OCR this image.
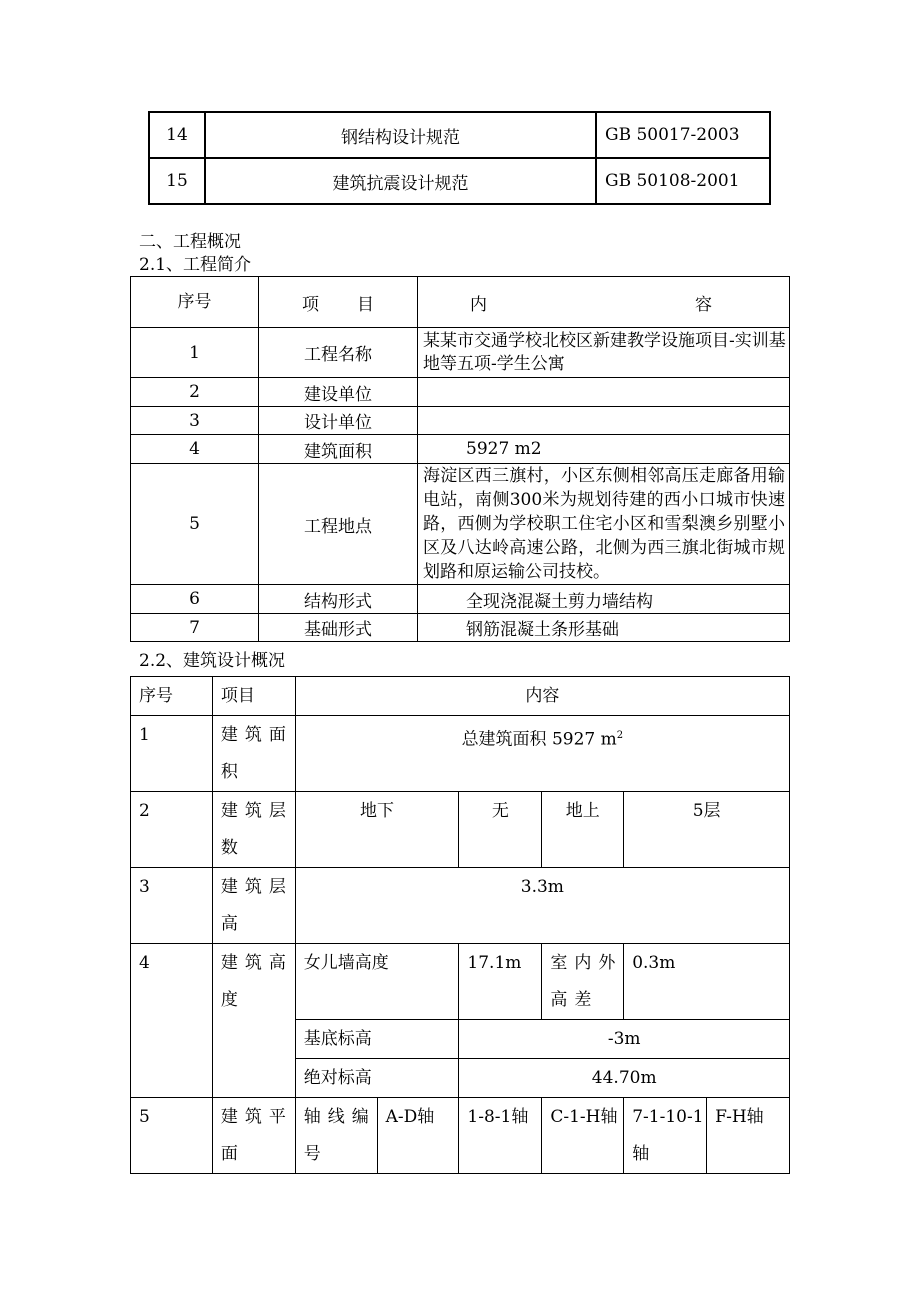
14	钢结构设计规范	GB 50017-2003
15	建筑抗震设计规范	GB 50108-2001
二、工程概况
2.1、工程简介
序号	项 目	内 容
1	工程名称	某某市交通学校北校区新建教学设施项目-实训基地等五项-学生公寓
2	建设单位	
3	设计单位	
4	建筑面积	5927 m2
5	工程地点	海淀区西三旗村，小区东侧相邻高压走廊备用输电站，南侧300米为规划待建的西小口城市快速路，西侧为学校职工住宅小区和雪梨澳乡别墅小区及八达岭高速公路，北侧为西三旗北街城市规划路和原运输公司技校。
6	结构形式	全现浇混凝土剪力墙结构
7	基础形式	钢筋混凝土条形基础
2.2、建筑设计概况
序号	项目	内容					
1	建筑面积	总建筑面积 5927 $m^2$
2	建筑层数	地下		无	地上	5层	
3	建筑层高	3.3m					
4	建筑高度	女儿墙高度		17.1m	室内外高差	0.3m	
		基底标高		-3m			
		绝对标高		44.70m			
5	建筑平面	轴线编号	A-D轴	1-8-1轴	C-1-H轴	7-1-10-1轴	F-H轴
